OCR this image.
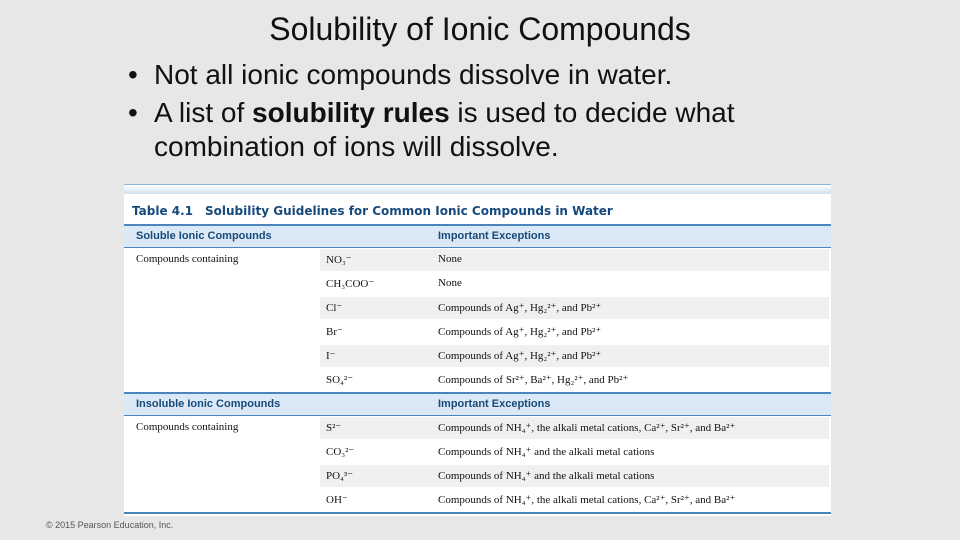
Solubility of Ionic Compounds
• Not all ionic compounds dissolve in water.
• A list of solubility rules is used to decide what combination of ions will dissolve.
Table 4.1 Solubility Guidelines for Common Ionic Compounds in Water
Soluble Ionic Compounds	Important Exceptions
Compounds containing	NO₃⁻	None
CH₃COO⁻	None
Cl⁻	Compounds of Ag⁺, Hg₂²⁺, and Pb²⁺
Br⁻	Compounds of Ag⁺, Hg₂²⁺, and Pb²⁺
I⁻	Compounds of Ag⁺, Hg₂²⁺, and Pb²⁺
SO₄²⁻	Compounds of Sr²⁺, Ba²⁺, Hg₂²⁺, and Pb²⁺
Insoluble Ionic Compounds	Important Exceptions
Compounds containing	S²⁻	Compounds of NH₄⁺, the alkali metal cations, Ca²⁺, Sr²⁺, and Ba²⁺
CO₃²⁻	Compounds of NH₄⁺ and the alkali metal cations
PO₄³⁻	Compounds of NH₄⁺ and the alkali metal cations
OH⁻	Compounds of NH₄⁺, the alkali metal cations, Ca²⁺, Sr²⁺, and Ba²⁺
© 2015 Pearson Education, Inc.
